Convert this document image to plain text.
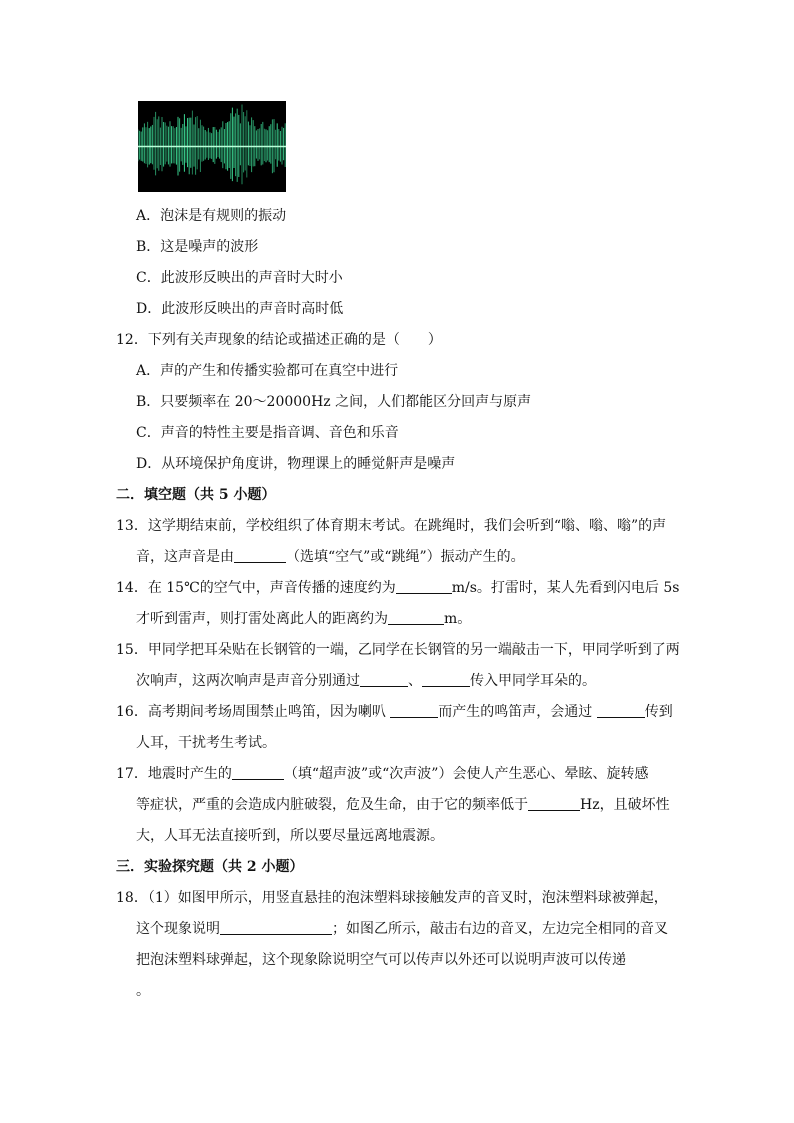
A．泡沫是有规则的振动
B．这是噪声的波形
C．此波形反映出的声音时大时小
D．此波形反映出的声音时高时低
12．下列有关声现象的结论或描述正确的是（　　）
A．声的产生和传播实验都可在真空中进行
B．只要频率在 20～20000Hz 之间，人们都能区分回声与原声
C．声音的特性主要是指音调、音色和乐音
D．从环境保护角度讲，物理课上的睡觉鼾声是噪声
二．填空题（共 5 小题）
13．这学期结束前，学校组织了体育期末考试。在跳绳时，我们会听到“嗡、嗡、嗡”的声
音，这声音是由	（选填“空气”或“跳绳”）振动产生的。
14．在 15℃的空气中，声音传播的速度约为	m/s。打雷时，某人先看到闪电后 5s
才听到雷声，则打雷处离此人的距离约为	m。
15．甲同学把耳朵贴在长钢管的一端，乙同学在长钢管的另一端敲击一下，甲同学听到了两
次响声，这两次响声是声音分别通过	、	传入甲同学耳朵的。
16．高考期间考场周围禁止鸣笛，因为喇叭	而产生的鸣笛声，会通过	传到
人耳，干扰考生考试。
17．地震时产生的	（填“超声波”或“次声波”）会使人产生恶心、晕眩、旋转感
等症状，严重的会造成内脏破裂，危及生命，由于它的频率低于	Hz，且破坏性
大，人耳无法直接听到，所以要尽量远离地震源。
三．实验探究题（共 2 小题）
18．（1）如图甲所示，用竖直悬挂的泡沫塑料球接触发声的音叉时，泡沫塑料球被弹起，
这个现象说明	；如图乙所示，敲击右边的音叉，左边完全相同的音叉
把泡沫塑料球弹起，这个现象除说明空气可以传声以外还可以说明声波可以传递
。
